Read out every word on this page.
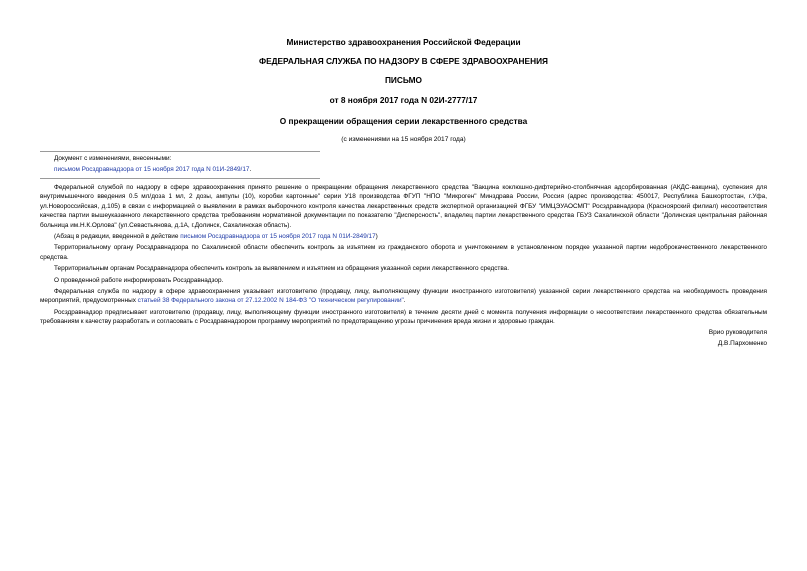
Министерство здравоохранения Российской Федерации
ФЕДЕРАЛЬНАЯ СЛУЖБА ПО НАДЗОРУ В СФЕРЕ ЗДРАВООХРАНЕНИЯ
ПИСЬМО
от 8 ноября 2017 года N 02И-2777/17
О прекращении обращения серии лекарственного средства
(с изменениями на 15 ноября 2017 года)
Документ с изменениями, внесенными:
письмом Росздравнадзора от 15 ноября 2017 года N 01И-2849/17.

Федеральной службой по надзору в сфере здравоохранения принято решение о прекращении обращения лекарственного средства "Вакцина коклюшно-дифтерийно-столбнячная адсорбированная (АКДС-вакцина), суспензия для внутримышечного введения 0.5 мл/доза 1 мл, 2 дозы, ампулы (10), коробки картонные" серии У18 производства ФГУП "НПО "Микроген" Минздрава России, Россия (адрес производства: 450017, Республика Башкортостан, г.Уфа, ул.Новороссийская, д.105) в связи с информацией о выявлении в рамках выборочного контроля качества лекарственных средств экспертной организацией ФГБУ "ИМЦЭУАОСМП" Росздравнадзора (Красноярский филиал) несоответствия качества партии вышеуказанного лекарственного средства требованиям нормативной документации по показателю "Дисперсность", владелец партии лекарственного средства ГБУЗ Сахалинской области "Долинская центральная районная больница им.Н.К.Орлова" (ул.Севастьянова, д.1А, г.Долинск, Сахалинская область).

(Абзац в редакции, введенной в действие письмом Росздравнадзора от 15 ноября 2017 года N 01И-2849/17)

Территориальному органу Росздравнадзора по Сахалинской области обеспечить контроль за изъятием из гражданского оборота и уничтожением в установленном порядке указанной партии недоброкачественного лекарственного средства.

Территориальным органам Росздравнадзора обеспечить контроль за выявлением и изъятием из обращения указанной серии лекарственного средства.

О проведенной работе информировать Росздравнадзор.

Федеральная служба по надзору в сфере здравоохранения указывает изготовителю (продавцу, лицу, выполняющему функции иностранного изготовителя) указанной серии лекарственного средства на необходимость проведения мероприятий, предусмотренных статьей 38 Федерального закона от 27.12.2002 N 184-ФЗ "О техническом регулировании".

Росздравнадзор предписывает изготовителю (продавцу, лицу, выполняющему функции иностранного изготовителя) в течение десяти дней с момента получения информации о несоответствии лекарственного средства обязательным требованиям к качеству разработать и согласовать с Росздравнадзором программу мероприятий по предотвращению угрозы причинения вреда жизни и здоровью граждан.

Врио руководителя
Д.В.Пархоменко
